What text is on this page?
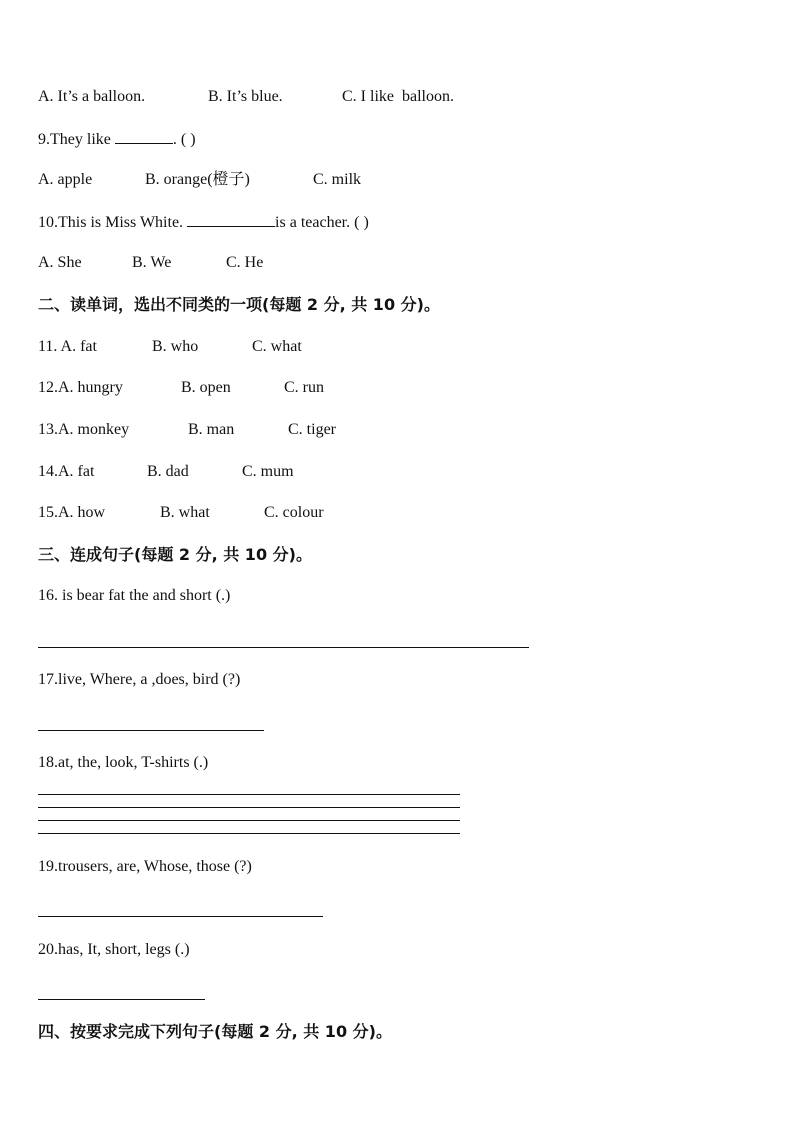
A. It’s a balloon.	B. It’s blue.	C. I like  balloon.
9.They like	. ( )
A. apple	B. orange(橙子)	C. milk
10.This is Miss White.	is a teacher. ( )
A. She	B. We	C. He
二、读单词，选出不同类的一项(每题 2 分, 共 10 分)。
11. A. fat	B. who	C. what
12.A. hungry	B. open	C. run
13.A. monkey	B. man	C. tiger
14.A. fat	B. dad	C. mum
15.A. how	B. what	C. colour
三、连成句子(每题 2 分, 共 10 分)。
16. is bear fat the and short (.)
17.live, Where, a ,does, bird (?)
18.at, the, look, T-shirts (.)
19.trousers, are, Whose, those (?)
20.has, It, short, legs (.)
四、按要求完成下列句子(每题 2 分, 共 10 分)。
